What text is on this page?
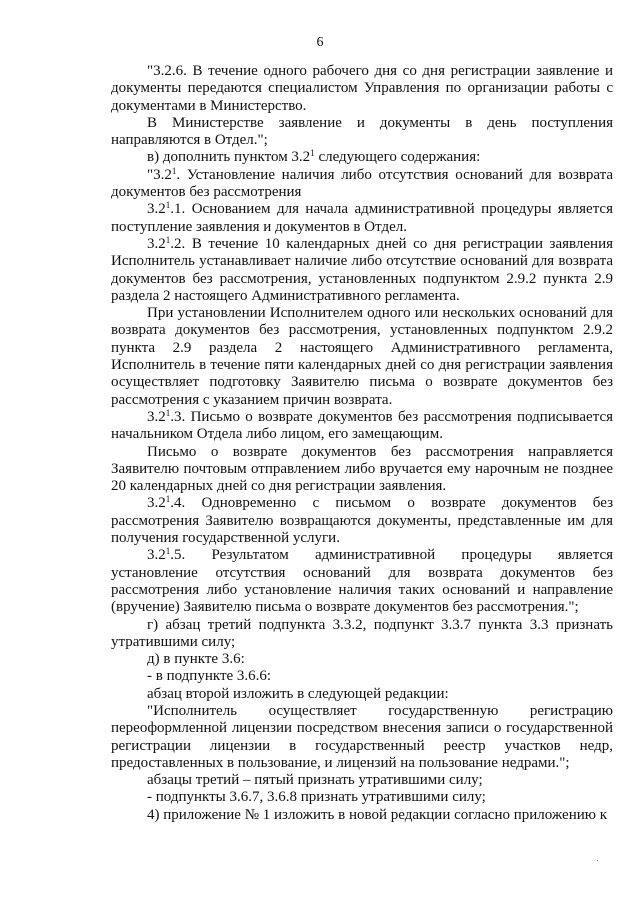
6

"3.2.6. В течение одного рабочего дня со дня регистрации заявление и документы передаются специалистом Управления по организации работы с документами в Министерство.

В Министерстве заявление и документы в день поступления направляются в Отдел.";

в) дополнить пунктом $3.2^1$ следующего содержания:

"$3.2^1$. Установление наличия либо отсутствия оснований для возврата документов без рассмотрения

$3.2^1.1$. Основанием для начала административной процедуры является поступление заявления и документов в Отдел.

$3.2^1.2$. В течение 10 календарных дней со дня регистрации заявления Исполнитель устанавливает наличие либо отсутствие оснований для возврата документов без рассмотрения, установленных подпунктом 2.9.2 пункта 2.9 раздела 2 настоящего Административного регламента.

При установлении Исполнителем одного или нескольких оснований для возврата документов без рассмотрения, установленных подпунктом 2.9.2 пункта 2.9 раздела 2 настоящего Административного регламента, Исполнитель в течение пяти календарных дней со дня регистрации заявления осуществляет подготовку Заявителю письма о возврате документов без рассмотрения с указанием причин возврата.

$3.2^1.3$. Письмо о возврате документов без рассмотрения подписывается начальником Отдела либо лицом, его замещающим.

Письмо о возврате документов без рассмотрения направляется Заявителю почтовым отправлением либо вручается ему нарочным не позднее 20 календарных дней со дня регистрации заявления.

$3.2^1.4$. Одновременно с письмом о возврате документов без рассмотрения Заявителю возвращаются документы, представленные им для получения государственной услуги.

$3.2^1.5$. Результатом административной процедуры является установление отсутствия оснований для возврата документов без рассмотрения либо установление наличия таких оснований и направление (вручение) Заявителю письма о возврате документов без рассмотрения.";

г) абзац третий подпункта 3.3.2, подпункт 3.3.7 пункта 3.3 признать утратившими силу;

д) в пункте 3.6:

- в подпункте 3.6.6:

абзац второй изложить в следующей редакции:

"Исполнитель осуществляет государственную регистрацию переоформленной лицензии посредством внесения записи о государственной регистрации лицензии в государственный реестр участков недр, предоставленных в пользование, и лицензий на пользование недрами.";

абзацы третий – пятый признать утратившими силу;

- подпункты 3.6.7, 3.6.8 признать утратившими силу;

4) приложение № 1 изложить в новой редакции согласно приложению к
